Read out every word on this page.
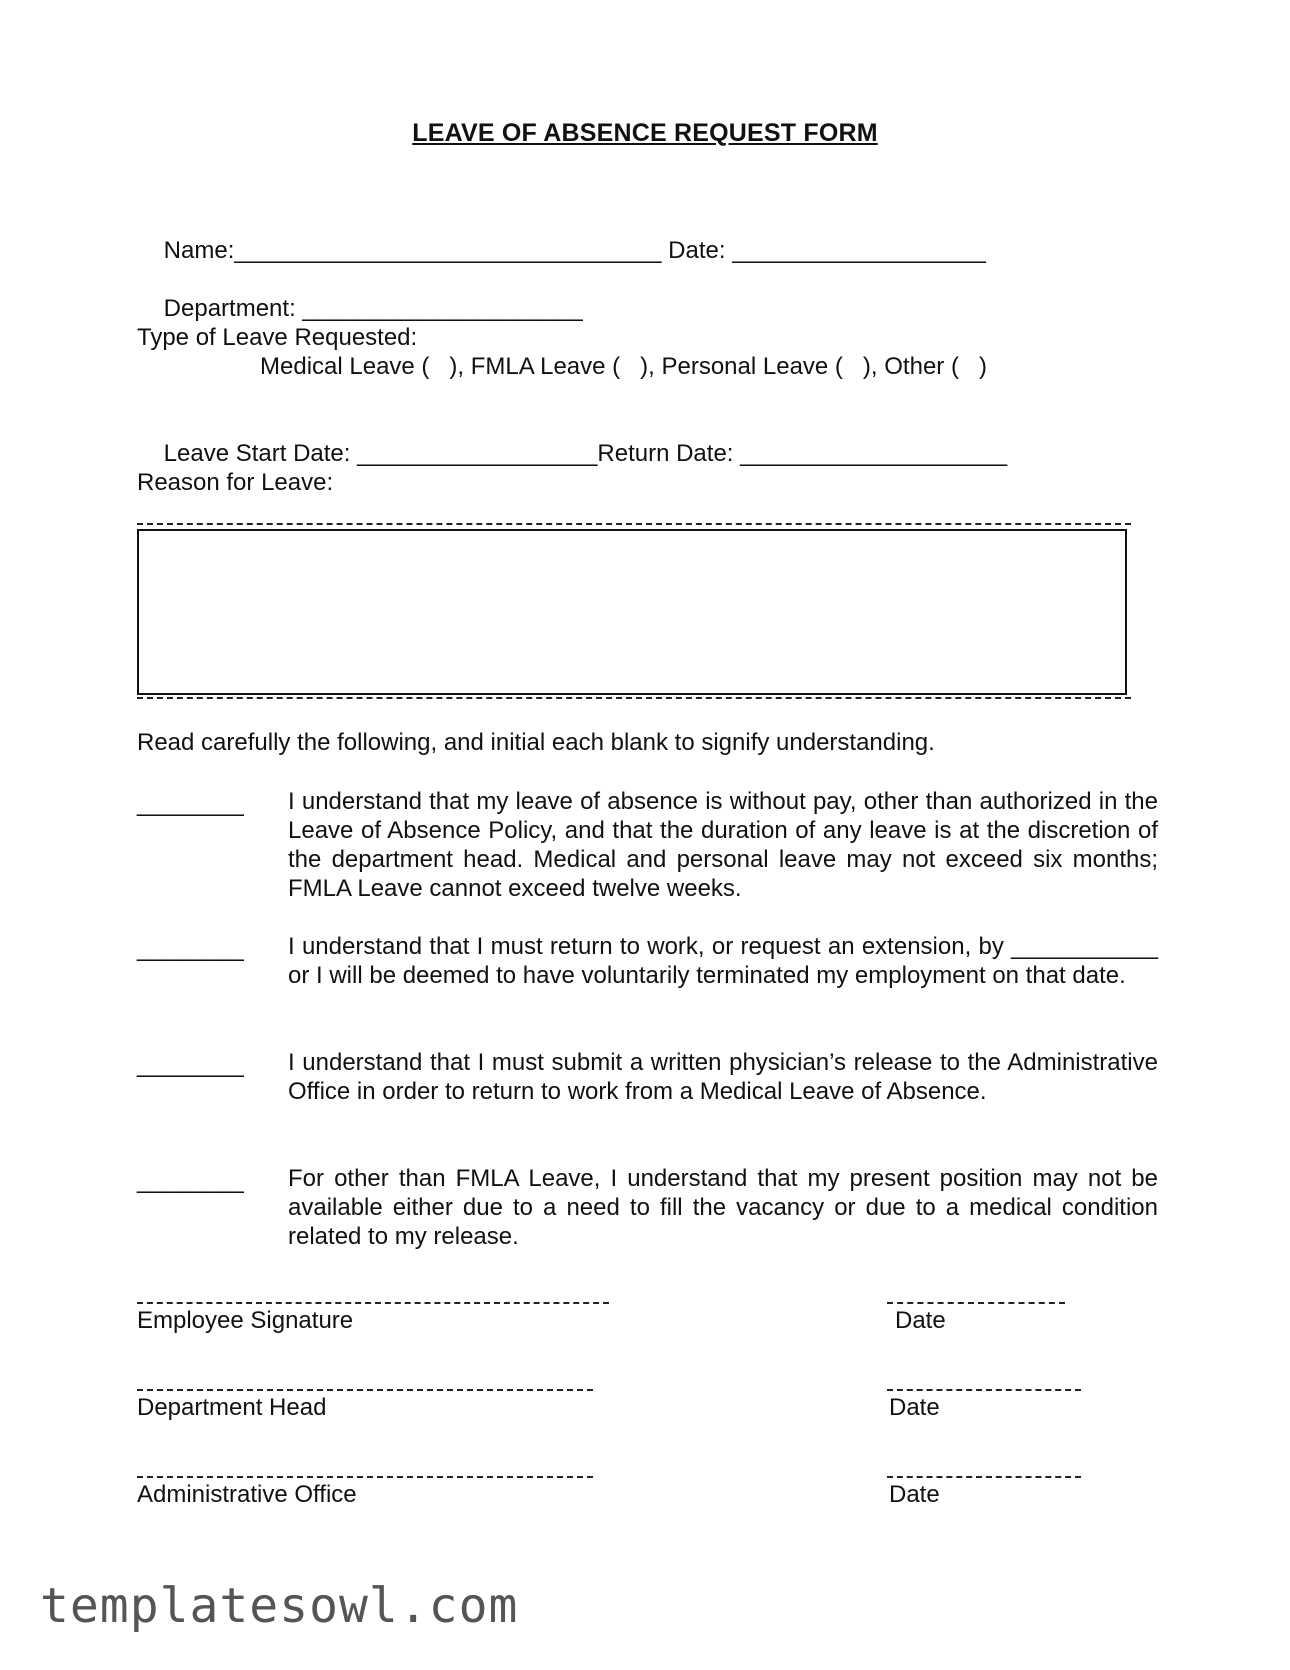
LEAVE OF ABSENCE REQUEST FORM

Name:________________________________ Date: ___________________

Department: _____________________

Type of Leave Requested:
Medical Leave (   ), FMLA Leave (   ), Personal Leave (   ), Other (   )

Leave Start Date: __________________Return Date: ____________________

Reason for Leave:
Read carefully the following, and initial each blank to signify understanding.
________ I understand that my leave of absence is without pay, other than authorized in the Leave of Absence Policy, and that the duration of any leave is at the discretion of the department head. Medical and personal leave may not exceed six months; FMLA Leave cannot exceed twelve weeks.
________ I understand that I must return to work, or request an extension, by ___________ or I will be deemed to have voluntarily terminated my employment on that date.
________ I understand that I must submit a written physician’s release to the Administrative Office in order to return to work from a Medical Leave of Absence.
________ For other than FMLA Leave, I understand that my present position may not be available either due to a need to fill the vacancy or due to a medical condition related to my release.
Employee Signature	Date
Department Head	Date
Administrative Office	Date
templatesowl.com
